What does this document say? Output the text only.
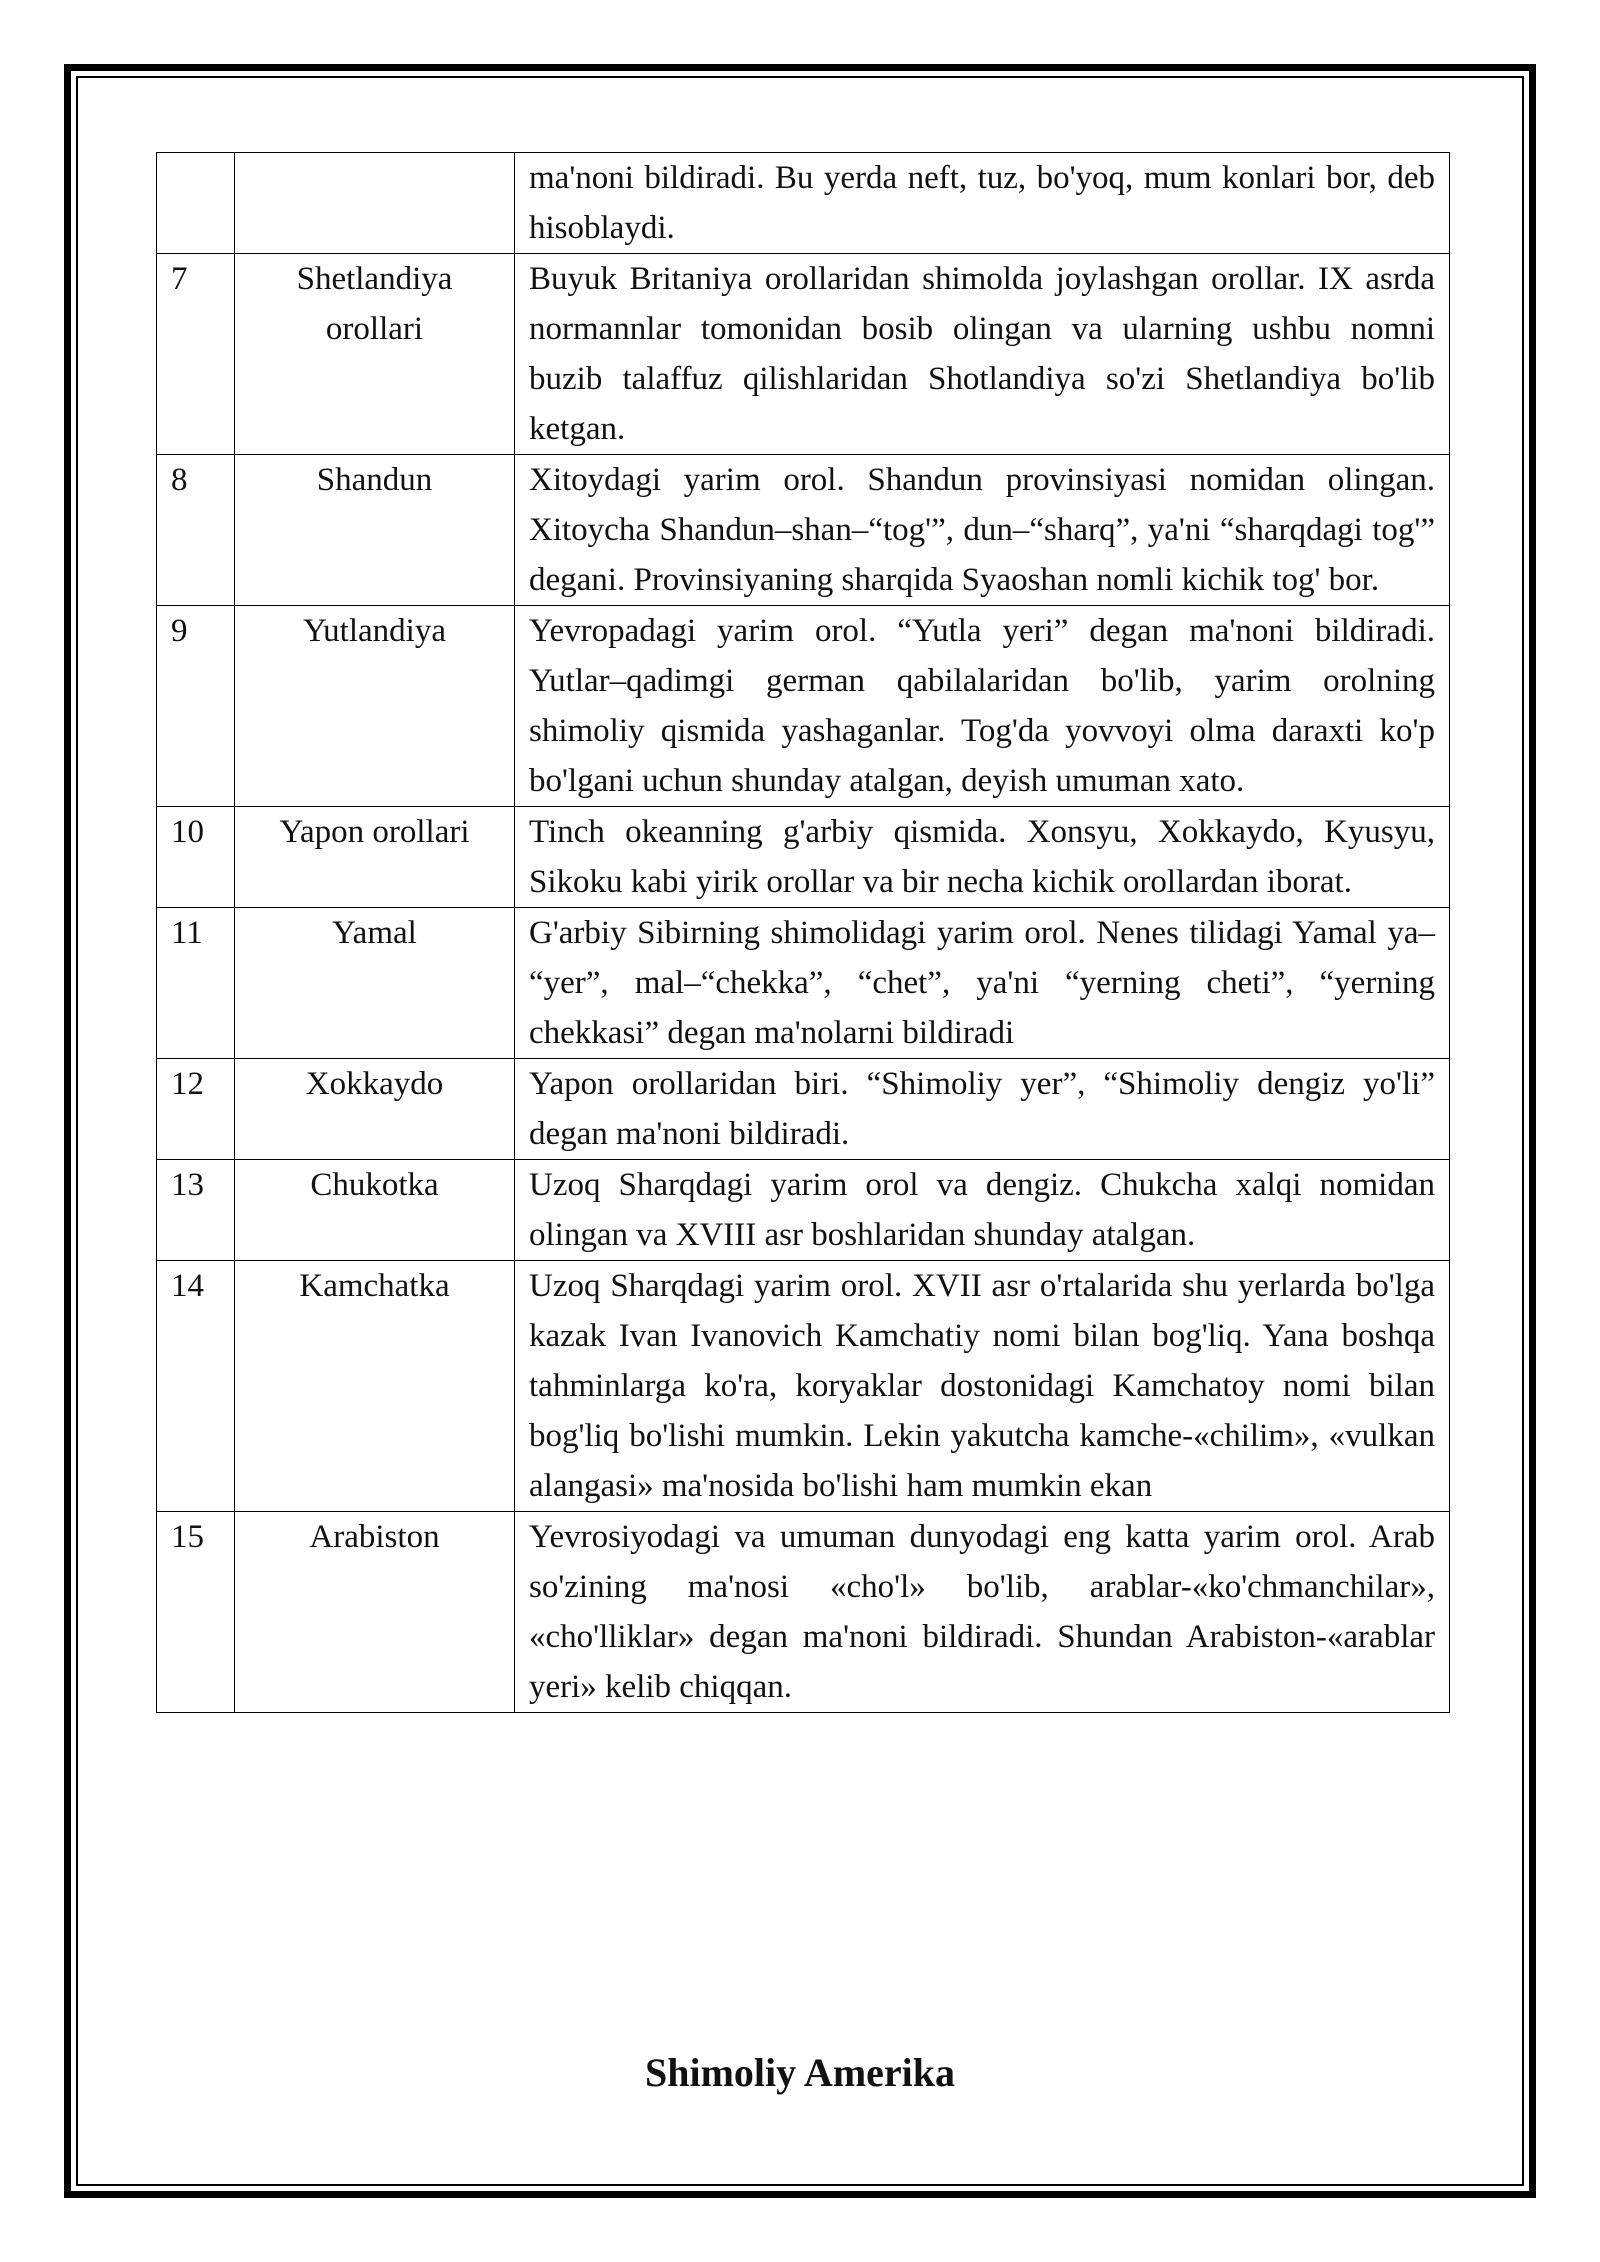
		ma'noni bildiradi. Bu yerda neft, tuz, bo'yoq, mum konlari bor, deb hisoblaydi.
7	Shetlandiya orollari	Buyuk Britaniya orollaridan shimolda joylashgan orollar. IX asrda normannlar tomonidan bosib olingan va ularning ushbu nomni buzib talaffuz qilishlaridan Shotlandiya so'zi Shetlandiya bo'lib ketgan.
8	Shandun	Xitoydagi yarim orol. Shandun provinsiyasi nomidan olingan. Xitoycha Shandun–shan–“tog'”, dun–“sharq”, ya'ni “sharqdagi tog'” degani. Provinsiyaning sharqida Syaoshan nomli kichik tog' bor.
9	Yutlandiya	Yevropadagi yarim orol. “Yutla yeri” degan ma'noni bildiradi. Yutlar–qadimgi german qabilalaridan bo'lib, yarim orolning shimoliy qismida yashaganlar. Tog'da yovvoyi olma daraxti ko'p bo'lgani uchun shunday atalgan, deyish umuman xato.
10	Yapon orollari	Tinch okeanning g'arbiy qismida. Xonsyu, Xokkaydo, Kyusyu, Sikoku kabi yirik orollar va bir necha kichik orollardan iborat.
11	Yamal	G'arbiy Sibirning shimolidagi yarim orol. Nenes tilidagi Yamal ya– “yer”, mal–“chekka”, “chet”, ya'ni “yerning cheti”, “yerning chekkasi” degan ma'nolarni bildiradi
12	Xokkaydo	Yapon orollaridan biri. “Shimoliy yer”, “Shimoliy dengiz yo'li” degan ma'noni bildiradi.
13	Chukotka	Uzoq Sharqdagi yarim orol va dengiz. Chukcha xalqi nomidan olingan va XVIII asr boshlaridan shunday atalgan.
14	Kamchatka	Uzoq Sharqdagi yarim orol. XVII asr o'rtalarida shu yerlarda bo'lga kazak Ivan Ivanovich Kamchatiy nomi bilan bog'liq. Yana boshqa tahminlarga ko'ra, koryaklar dostonidagi Kamchatoy nomi bilan bog'liq bo'lishi mumkin. Lekin yakutcha kamche-«chilim», «vulkan alangasi» ma'nosida bo'lishi ham mumkin ekan
15	Arabiston	Yevrosiyodagi va umuman dunyodagi eng katta yarim orol. Arab so'zining ma'nosi «cho'l» bo'lib, arablar-«ko'chmanchilar», «cho'lliklar» degan ma'noni bildiradi. Shundan Arabiston-«arablar yeri» kelib chiqqan.
Shimoliy Amerika
